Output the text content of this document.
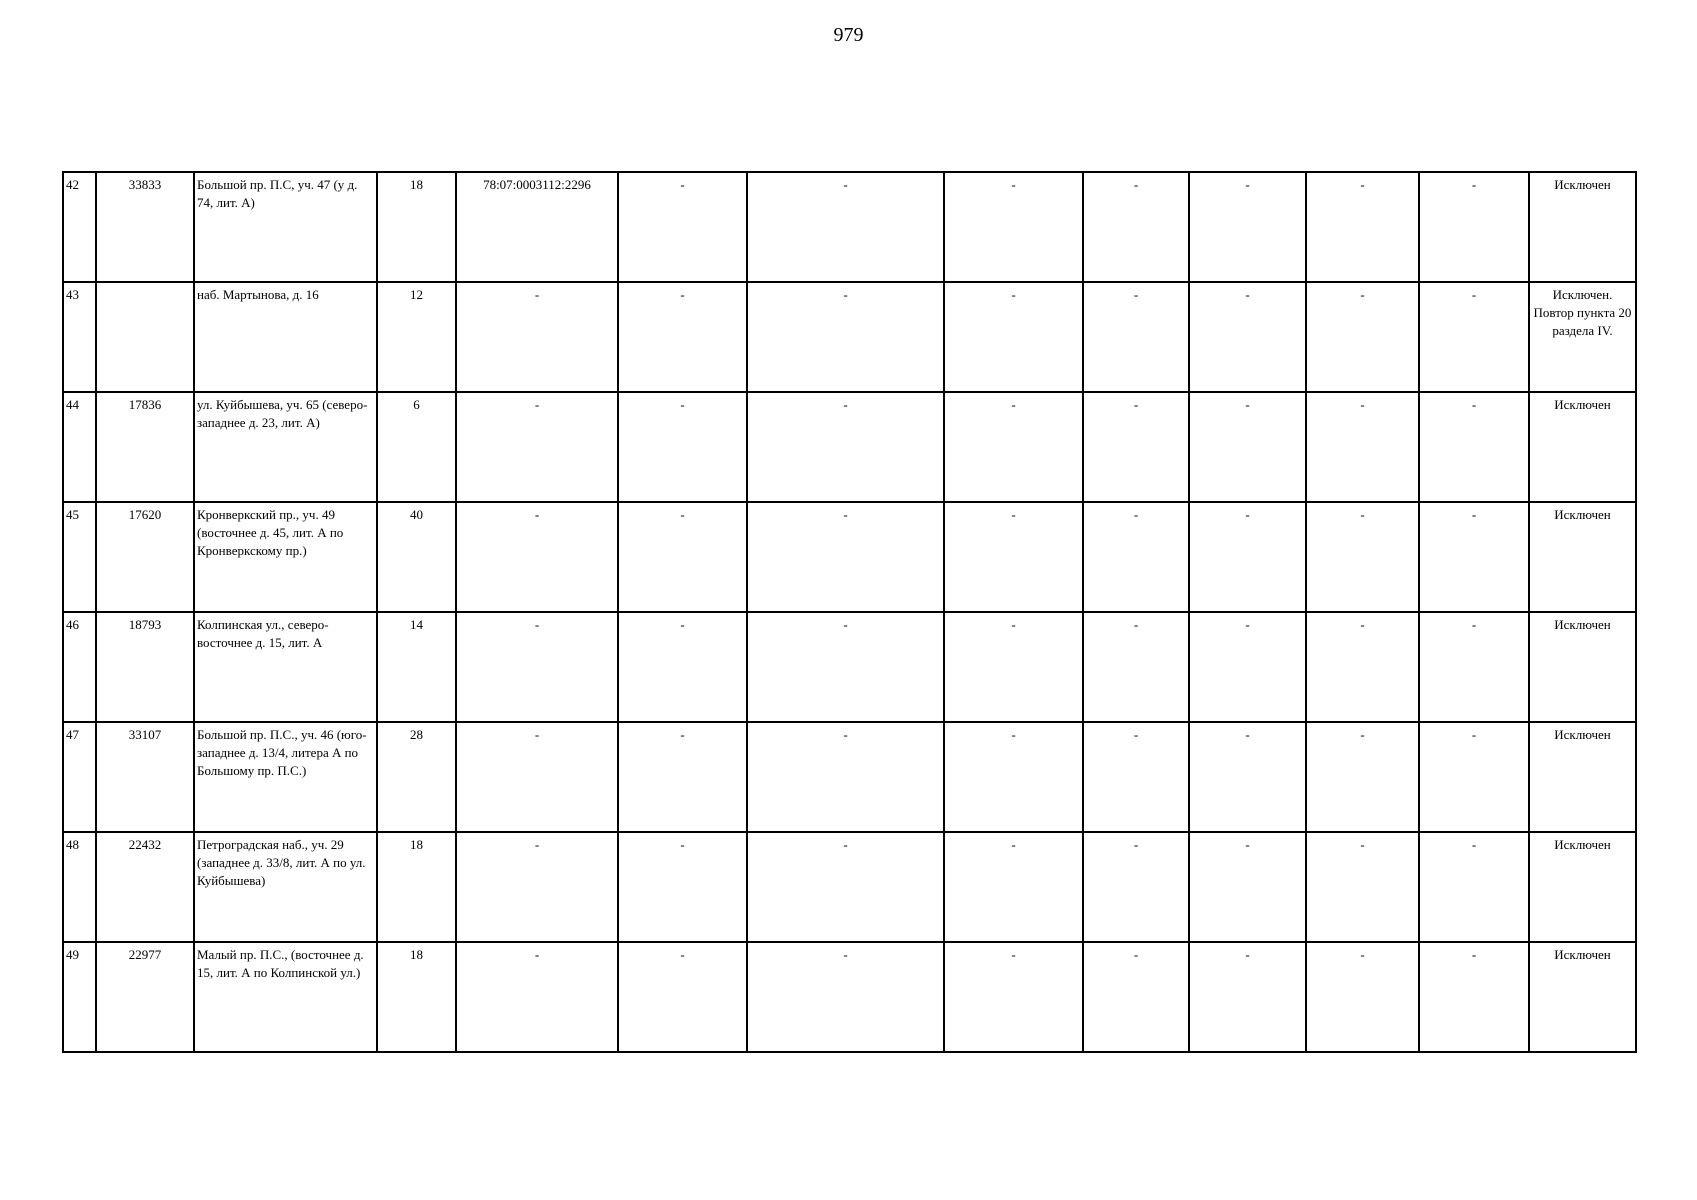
979
42	33833	Большой пр. П.С, уч. 47 (у д. 74, лит. А)	18	78:07:0003112:2296	-	-	-	-	-	-	-	Исключен
43		наб. Мартынова, д. 16	12	-	-	-	-	-	-	-	-	Исключен. Повтор пункта 20 раздела IV.
44	17836	ул. Куйбышева, уч. 65 (северо-западнее д. 23, лит. А)	6	-	-	-	-	-	-	-	-	Исключен
45	17620	Кронверкский пр., уч. 49 (восточнее д. 45, лит. А по Кронверкскому пр.)	40	-	-	-	-	-	-	-	-	Исключен
46	18793	Колпинская ул., северо-восточнее д. 15, лит. А	14	-	-	-	-	-	-	-	-	Исключен
47	33107	Большой пр. П.С., уч. 46 (юго-западнее д. 13/4, литера А по Большому пр. П.С.)	28	-	-	-	-	-	-	-	-	Исключен
48	22432	Петроградская наб., уч. 29 (западнее д. 33/8, лит. А по ул. Куйбышева)	18	-	-	-	-	-	-	-	-	Исключен
49	22977	Малый пр. П.С., (восточнее д. 15, лит. А по Колпинской ул.)	18	-	-	-	-	-	-	-	-	Исключен
